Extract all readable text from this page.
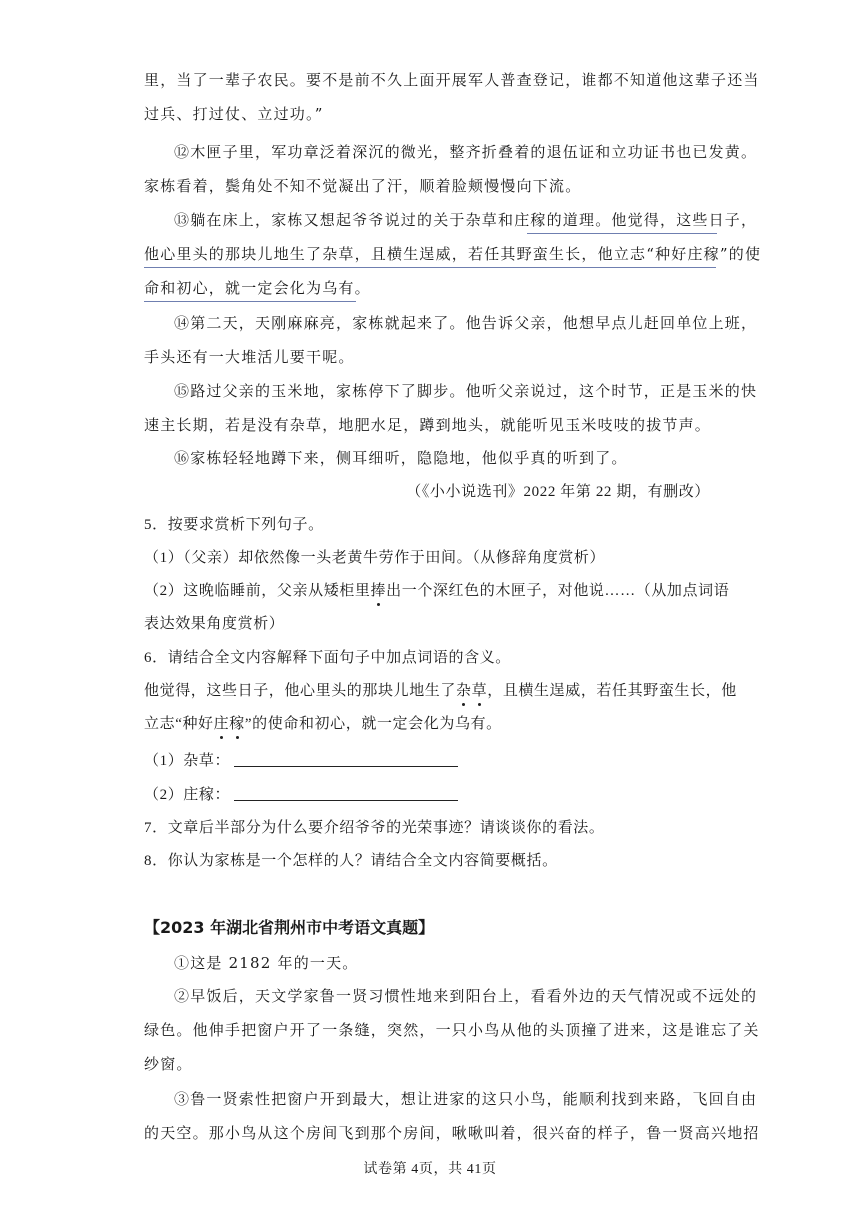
里，当了一辈子农民。要不是前不久上面开展军人普查登记，谁都不知道他这辈子还当
过兵、打过仗、立过功。”
⑫木匣子里，军功章泛着深沉的微光，整齐折叠着的退伍证和立功证书也已发黄。
家栋看着，鬓角处不知不觉凝出了汗，顺着脸颊慢慢向下流。
⑬躺在床上，家栋又想起爷爷说过的关于杂草和庄稼的道理。他觉得，这些日子，
他心里头的那块儿地生了杂草，且横生逞威，若任其野蛮生长，他立志“种好庄稼”的使
命和初心，就一定会化为乌有。
⑭第二天，天刚麻麻亮，家栋就起来了。他告诉父亲，他想早点儿赶回单位上班，
手头还有一大堆活儿要干呢。
⑮路过父亲的玉米地，家栋停下了脚步。他听父亲说过，这个时节，正是玉米的快
速主长期，若是没有杂草，地肥水足，蹲到地头，就能听见玉米吱吱的拔节声。
⑯家栋轻轻地蹲下来，侧耳细听，隐隐地，他似乎真的听到了。
（《小小说选刊》2022 年第 22 期，有删改）
5．按要求赏析下列句子。
（1）（父亲）却依然像一头老黄牛劳作于田间。（从修辞角度赏析）
（2）这晚临睡前，父亲从矮柜里捧出一个深红色的木匣子，对他说……（从加点词语
表达效果角度赏析）
6．请结合全文内容解释下面句子中加点词语的含义。
他觉得，这些日子，他心里头的那块儿地生了杂草，且横生逞威，若任其野蛮生长，他
立志“种好庄稼”的使命和初心，就一定会化为乌有。
（1）杂草：
（2）庄稼：
7．文章后半部分为什么要介绍爷爷的光荣事迹？请谈谈你的看法。
8．你认为家栋是一个怎样的人？请结合全文内容简要概括。
【2023 年湖北省荆州市中考语文真题】
①这是 2182 年的一天。
②早饭后，天文学家鲁一贤习惯性地来到阳台上，看看外边的天气情况或不远处的
绿色。他伸手把窗户开了一条缝，突然，一只小鸟从他的头顶撞了进来，这是谁忘了关
纱窗。
③鲁一贤索性把窗户开到最大，想让进家的这只小鸟，能顺利找到来路，飞回自由
的天空。那小鸟从这个房间飞到那个房间，啾啾叫着，很兴奋的样子，鲁一贤高兴地招
试卷第 4页，共 41页
